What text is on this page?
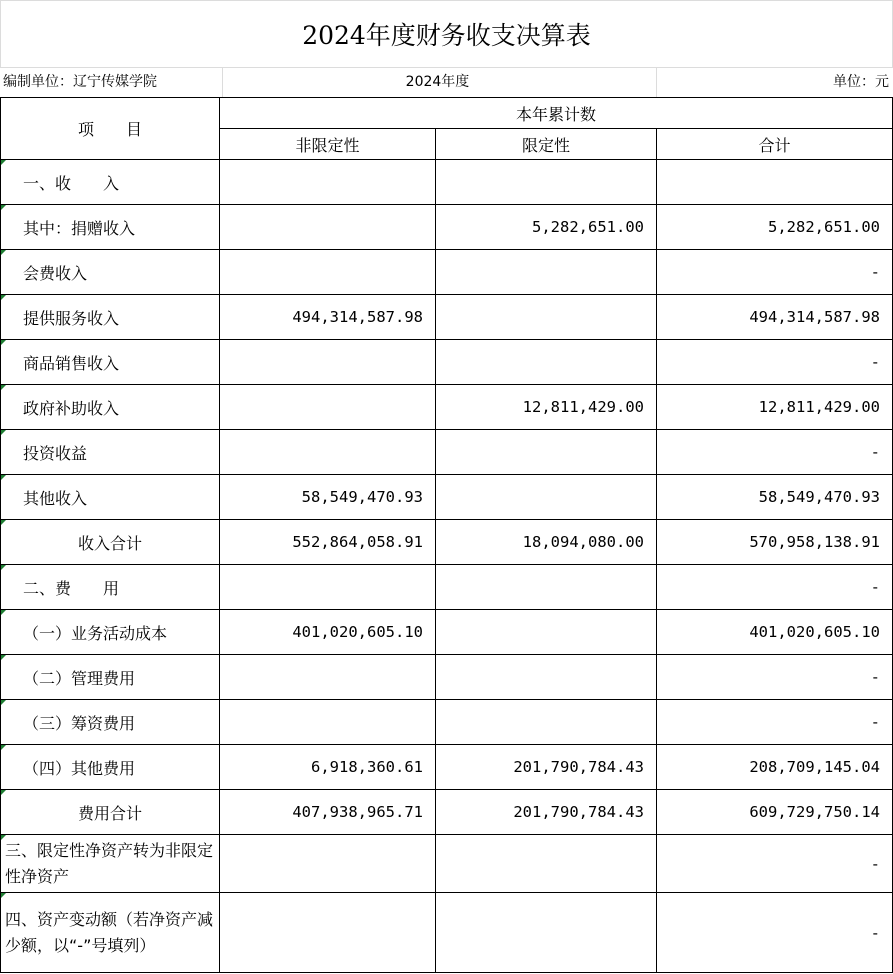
2024年度财务收支决算表
编制单位：辽宁传媒学院	2024年度	单位：元
项　　目	本年累计数		
	非限定性	限定性	合计
一、收　　入			
其中：捐赠收入		5,282,651.00	5,282,651.00
会费收入			-
提供服务收入	494,314,587.98		494,314,587.98
商品销售收入			-
政府补助收入		12,811,429.00	12,811,429.00
投资收益			-
其他收入	58,549,470.93		58,549,470.93
收入合计	552,864,058.91	18,094,080.00	570,958,138.91
二、费　　用			-
（一）业务活动成本	401,020,605.10		401,020,605.10
（二）管理费用			-
（三）筹资费用			-
（四）其他费用	6,918,360.61	201,790,784.43	208,709,145.04
费用合计	407,938,965.71	201,790,784.43	609,729,750.14
三、限定性净资产转为非限定性净资产			-
四、资产变动额（若净资产减少额，以“-”号填列）			-
